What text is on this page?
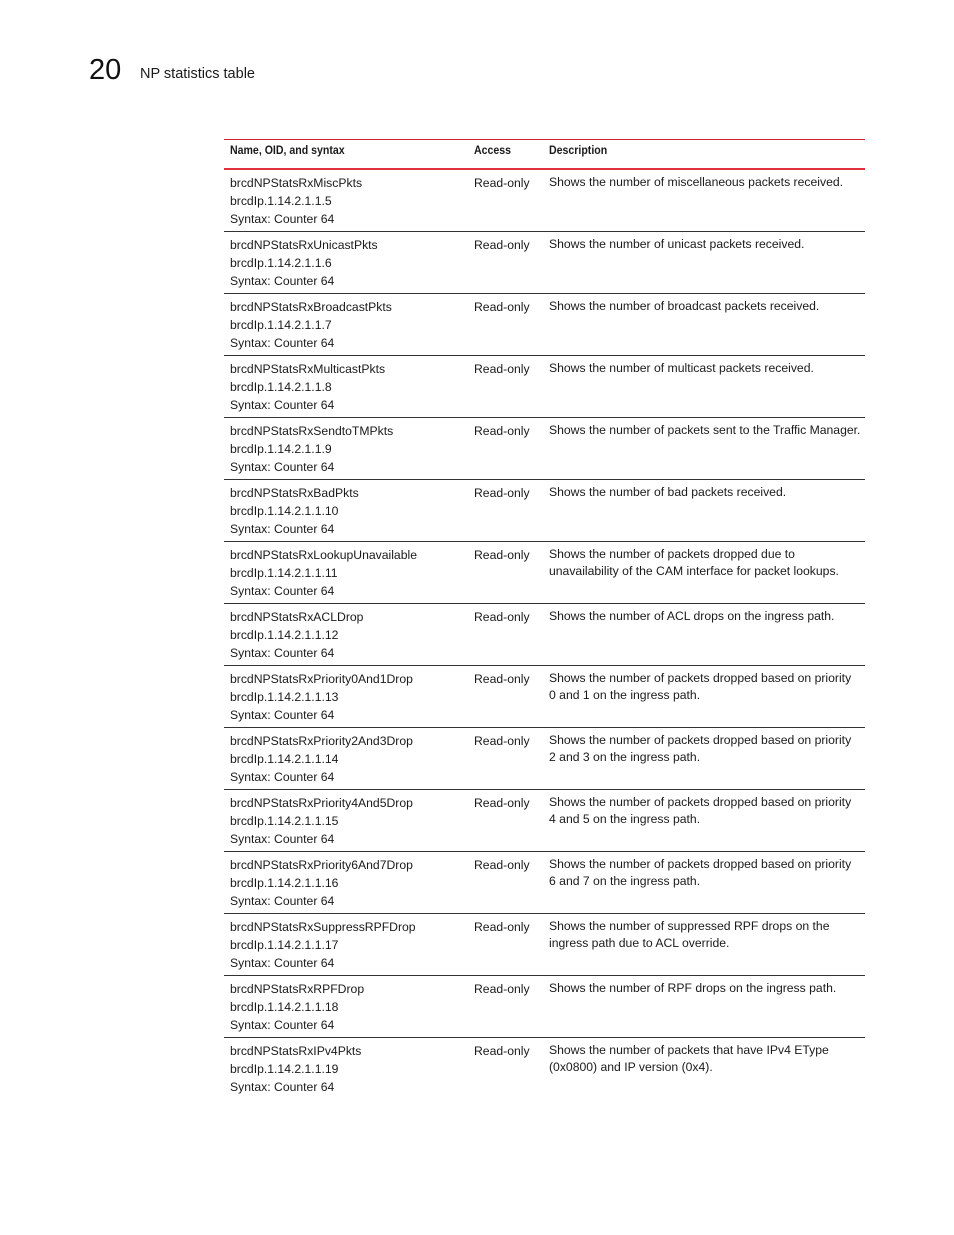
20 NP statistics table
Name, OID, and syntax	Access	Description
brcdNPStatsRxMiscPkts
brcdIp.1.14.2.1.1.5
Syntax: Counter 64
Read-only	Shows the number of miscellaneous packets received.
brcdNPStatsRxUnicastPkts
brcdIp.1.14.2.1.1.6
Syntax: Counter 64
Read-only	Shows the number of unicast packets received.
brcdNPStatsRxBroadcastPkts
brcdIp.1.14.2.1.1.7
Syntax: Counter 64
Read-only	Shows the number of broadcast packets received.
brcdNPStatsRxMulticastPkts
brcdIp.1.14.2.1.1.8
Syntax: Counter 64
Read-only	Shows the number of multicast packets received.
brcdNPStatsRxSendtoTMPkts
brcdIp.1.14.2.1.1.9
Syntax: Counter 64
Read-only	Shows the number of packets sent to the Traffic Manager.
brcdNPStatsRxBadPkts
brcdIp.1.14.2.1.1.10
Syntax: Counter 64
Read-only	Shows the number of bad packets received.
brcdNPStatsRxLookupUnavailable
brcdIp.1.14.2.1.1.11
Syntax: Counter 64
Read-only	Shows the number of packets dropped due to unavailability of the CAM interface for packet lookups.
brcdNPStatsRxACLDrop
brcdIp.1.14.2.1.1.12
Syntax: Counter 64
Read-only	Shows the number of ACL drops on the ingress path.
brcdNPStatsRxPriority0And1Drop
brcdIp.1.14.2.1.1.13
Syntax: Counter 64
Read-only	Shows the number of packets dropped based on priority 0 and 1 on the ingress path.
brcdNPStatsRxPriority2And3Drop
brcdIp.1.14.2.1.1.14
Syntax: Counter 64
Read-only	Shows the number of packets dropped based on priority 2 and 3 on the ingress path.
brcdNPStatsRxPriority4And5Drop
brcdIp.1.14.2.1.1.15
Syntax: Counter 64
Read-only	Shows the number of packets dropped based on priority 4 and 5 on the ingress path.
brcdNPStatsRxPriority6And7Drop
brcdIp.1.14.2.1.1.16
Syntax: Counter 64
Read-only	Shows the number of packets dropped based on priority 6 and 7 on the ingress path.
brcdNPStatsRxSuppressRPFDrop
brcdIp.1.14.2.1.1.17
Syntax: Counter 64
Read-only	Shows the number of suppressed RPF drops on the ingress path due to ACL override.
brcdNPStatsRxRPFDrop
brcdIp.1.14.2.1.1.18
Syntax: Counter 64
Read-only	Shows the number of RPF drops on the ingress path.
brcdNPStatsRxIPv4Pkts
brcdIp.1.14.2.1.1.19
Syntax: Counter 64
Read-only	Shows the number of packets that have IPv4 EType (0x0800) and IP version (0x4).
